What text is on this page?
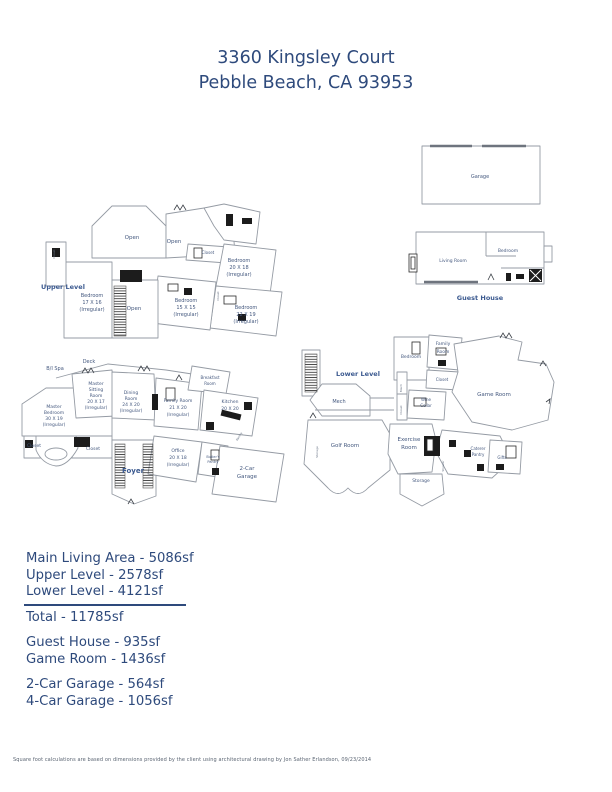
3360 Kingsley Court
Pebble Beach, CA 93953
Garage
Living Room
Bedroom
Guest House
Upper Level
Open
Open
Open
Closet
Closet
Closet
Bedroom
20 X 18
(Irregular)
Bedroom
17 X 16
(Irregular)
Bedroom
15 X 15
(Irregular)
Bedroom
22 X 19
(Irregular)
Deck
B/I Spa
Master
Sitting
Room
20 X 17
(Irregular)
Dining
Room
24 X 20
(Irregular)
Master
Bedroom
30 X 19
(Irregular)
Family Room
21 X 20
(Irregular)
Breakfast
Room
Kitchen
20 X 20
Office
20 X 18
(Irregular)
Butler's
Pantry
Pantry
2-Car
Garage
Closet
Closet
Foyer
Lower Level
Mech
Bedroom
Family
Room
Closet
Mech
Closet
Wine
Cellar
Game Room
Golf Room
Exercise
Room
Storage
Storage	Caterer
Pantry
Gifts
Shower
Main Living Area - 5086sf
Upper Level - 2578sf
Lower Level - 4121sf
Total - 11785sf
Guest House - 935sf
Game Room - 1436sf
2-Car Garage - 564sf
4-Car Garage - 1056sf
Square foot calculations are based on dimensions provided by the client using architectural drawing by Jon Sather Erlandson, 09/23/2014
